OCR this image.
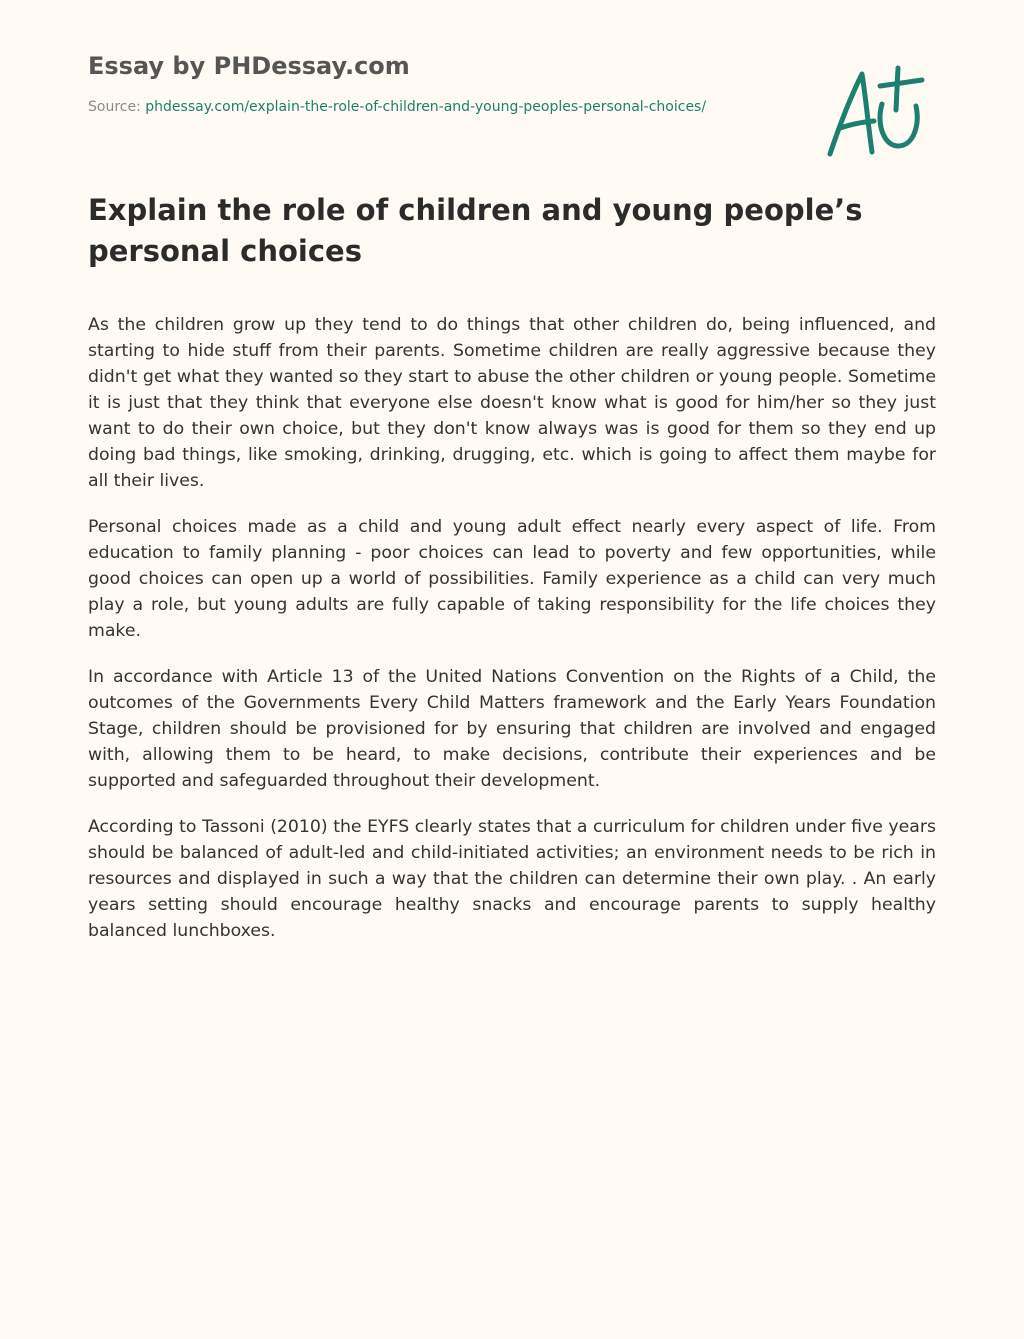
Essay by PHDessay.com
Source: phdessay.com/explain-the-role-of-children-and-young-peoples-personal-choices/
Explain the role of children and young people’s personal choices

As the children grow up they tend to do things that other children do, being influenced, and starting to hide stuff from their parents. Sometime children are really aggressive because they didn't get what they wanted so they start to abuse the other children or young people. Sometime it is just that they think that everyone else doesn't know what is good for him/her so they just want to do their own choice, but they don't know always was is good for them so they end up doing bad things, like smoking, drinking, drugging, etc. which is going to affect them maybe for all their lives.

Personal choices made as a child and young adult effect nearly every aspect of life. From education to family planning - poor choices can lead to poverty and few opportunities, while good choices can open up a world of possibilities. Family experience as a child can very much play a role, but young adults are fully capable of taking responsibility for the life choices they make.

In accordance with Article 13 of the United Nations Convention on the Rights of a Child, the outcomes of the Governments Every Child Matters framework and the Early Years Foundation Stage, children should be provisioned for by ensuring that children are involved and engaged with, allowing them to be heard, to make decisions, contribute their experiences and be supported and safeguarded throughout their development.

According to Tassoni (2010) the EYFS clearly states that a curriculum for children under five years should be balanced of adult-led and child-initiated activities; an environment needs to be rich in resources and displayed in such a way that the children can determine their own play. . An early years setting should encourage healthy snacks and encourage parents to supply healthy balanced lunchboxes.
